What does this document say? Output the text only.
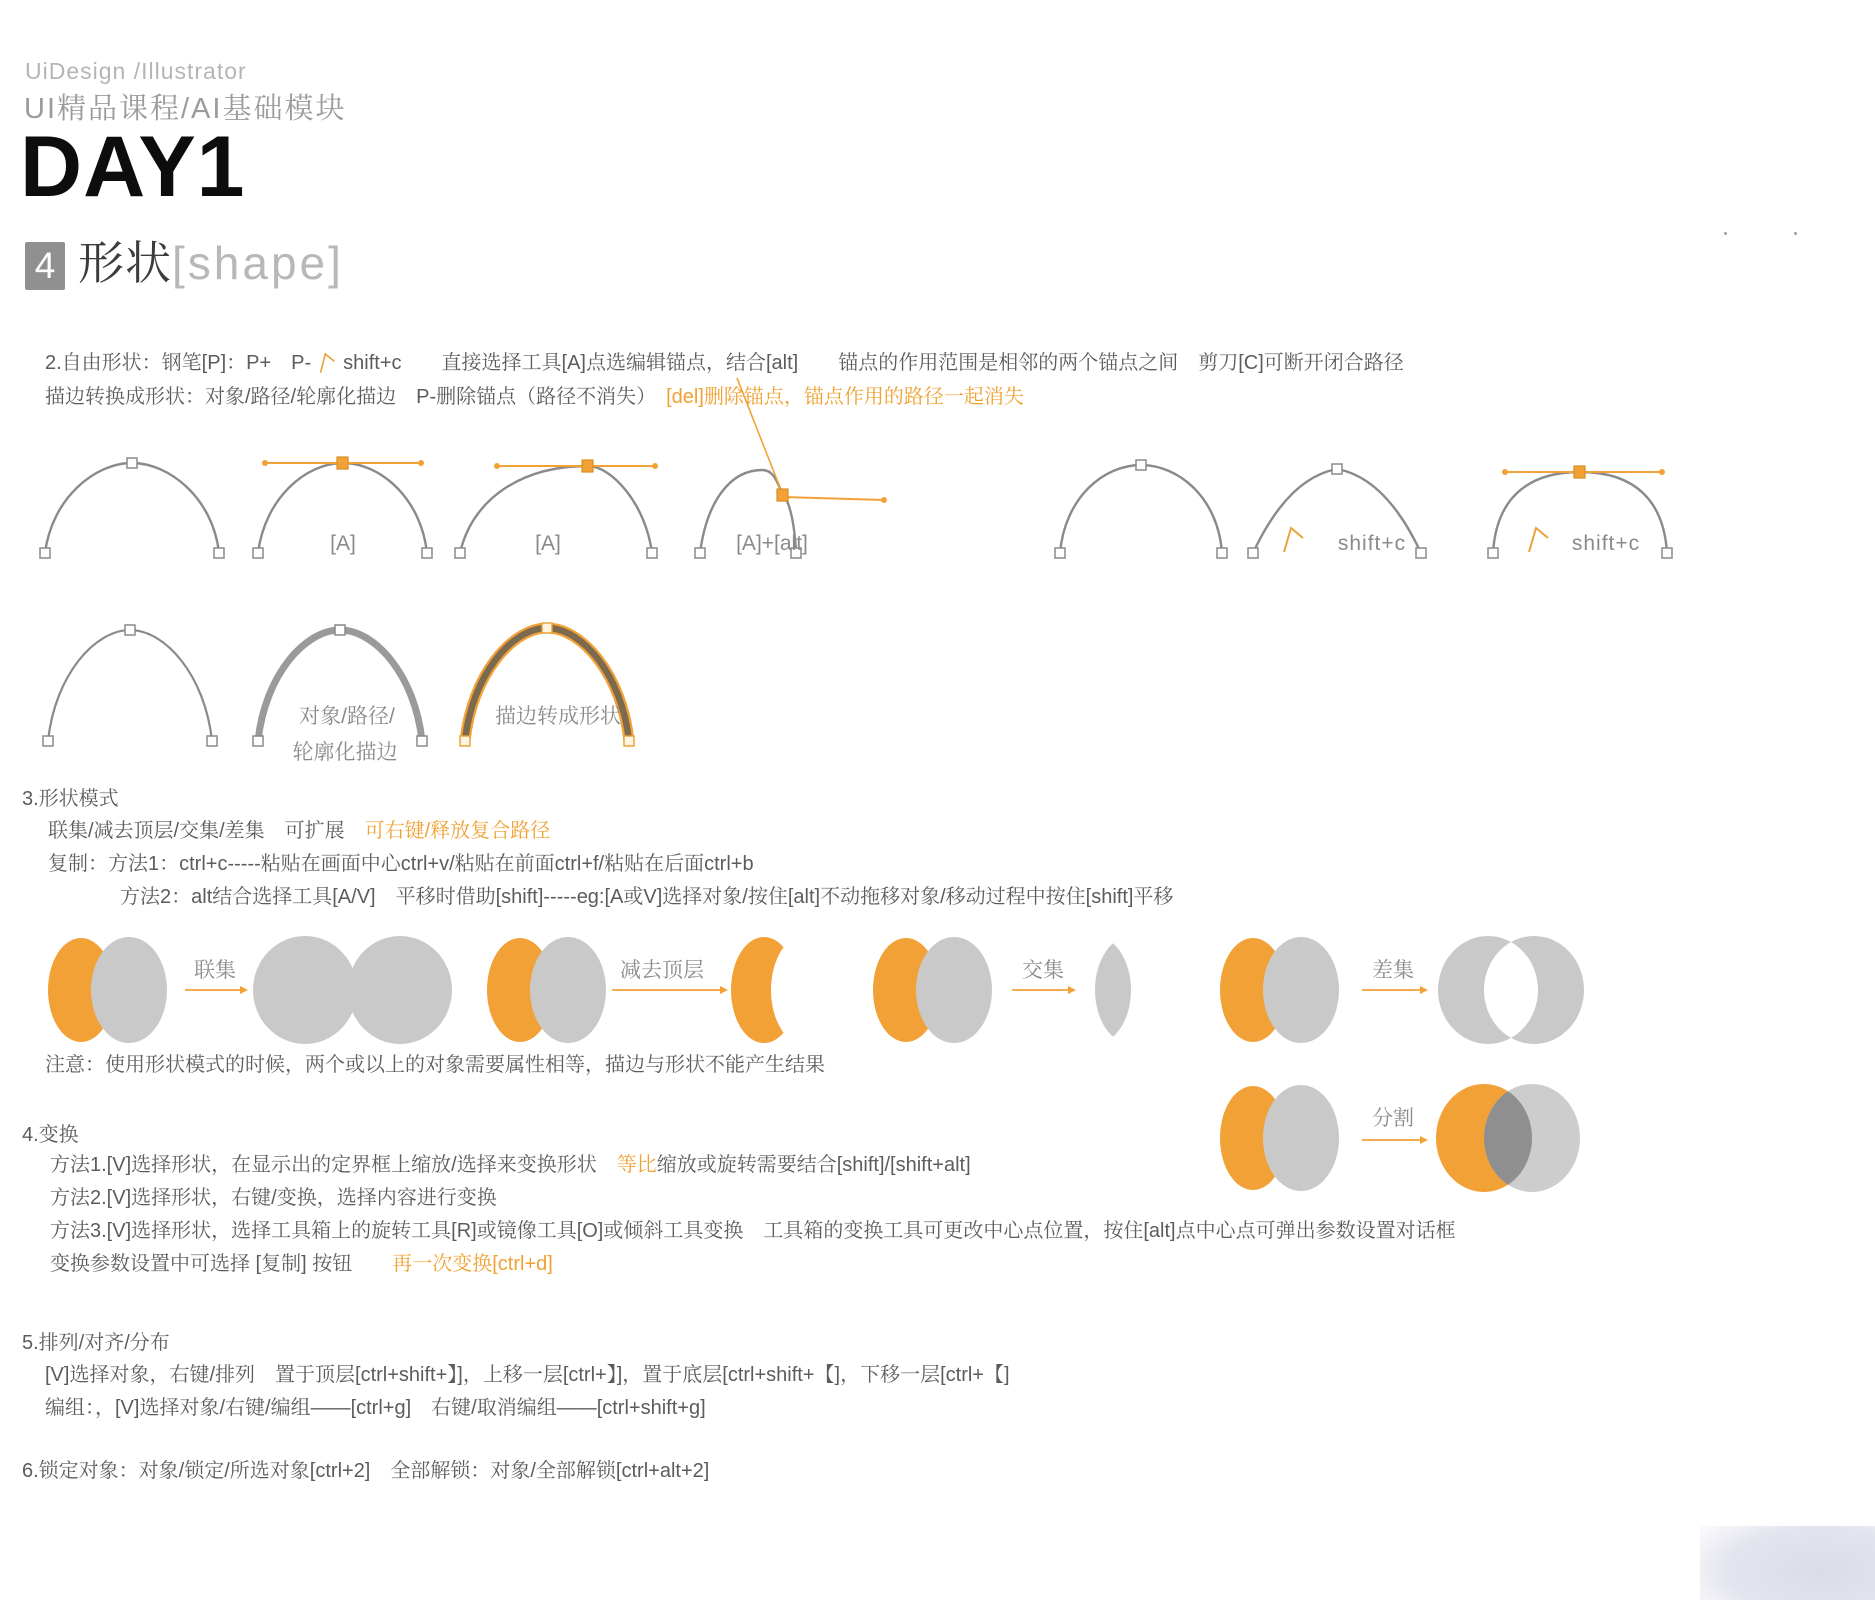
UiDesign /Illustrator
UI精品课程/AI基础模块
DAY1
4 形状[shape]
2.自由形状：钢笔[P]：P+　P- shift+c　　直接选择工具[A]点选编辑锚点，结合[alt]　　锚点的作用范围是相邻的两个锚点之间　剪刀[C]可断开闭合路径
描边转换成形状：对象/路径/轮廓化描边　P-删除锚点（路径不消失）　[del]删除锚点，锚点作用的路径一起消失
[A]	[A]	[A]+[alt]	shift+c	shift+c
对象/路径/
轮廓化描边
描边转成形状
3.形状模式
联集/减去顶层/交集/差集　可扩展　可右键/释放复合路径
复制：方法1：ctrl+c-----粘贴在画面中心ctrl+v/粘贴在前面ctrl+f/粘贴在后面ctrl+b
方法2：alt结合选择工具[A/V]　平移时借助[shift]-----eg:[A或V]选择对象/按住[alt]不动拖移对象/移动过程中按住[shift]平移
联集	减去顶层	交集	差集
分割
注意：使用形状模式的时候，两个或以上的对象需要属性相等，描边与形状不能产生结果
4.变换
方法1.[V]选择形状，在显示出的定界框上缩放/选择来变换形状　等比缩放或旋转需要结合[shift]/[shift+alt]
方法2.[V]选择形状，右键/变换，选择内容进行变换
方法3.[V]选择形状，选择工具箱上的旋转工具[R]或镜像工具[O]或倾斜工具变换　工具箱的变换工具可更改中心点位置，按住[alt]点中心点可弹出参数设置对话框
变换参数设置中可选择 [复制] 按钮　　再一次变换[ctrl+d]
5.排列/对齐/分布
[V]选择对象，右键/排列　置于顶层[ctrl+shift+】]，上移一层[ctrl+】]，置于底层[ctrl+shift+【]，下移一层[ctrl+【]
编组：，[V]选择对象/右键/编组——[ctrl+g]　右键/取消编组——[ctrl+shift+g]
6.锁定对象：对象/锁定/所选对象[ctrl+2]　全部解锁：对象/全部解锁[ctrl+alt+2]
